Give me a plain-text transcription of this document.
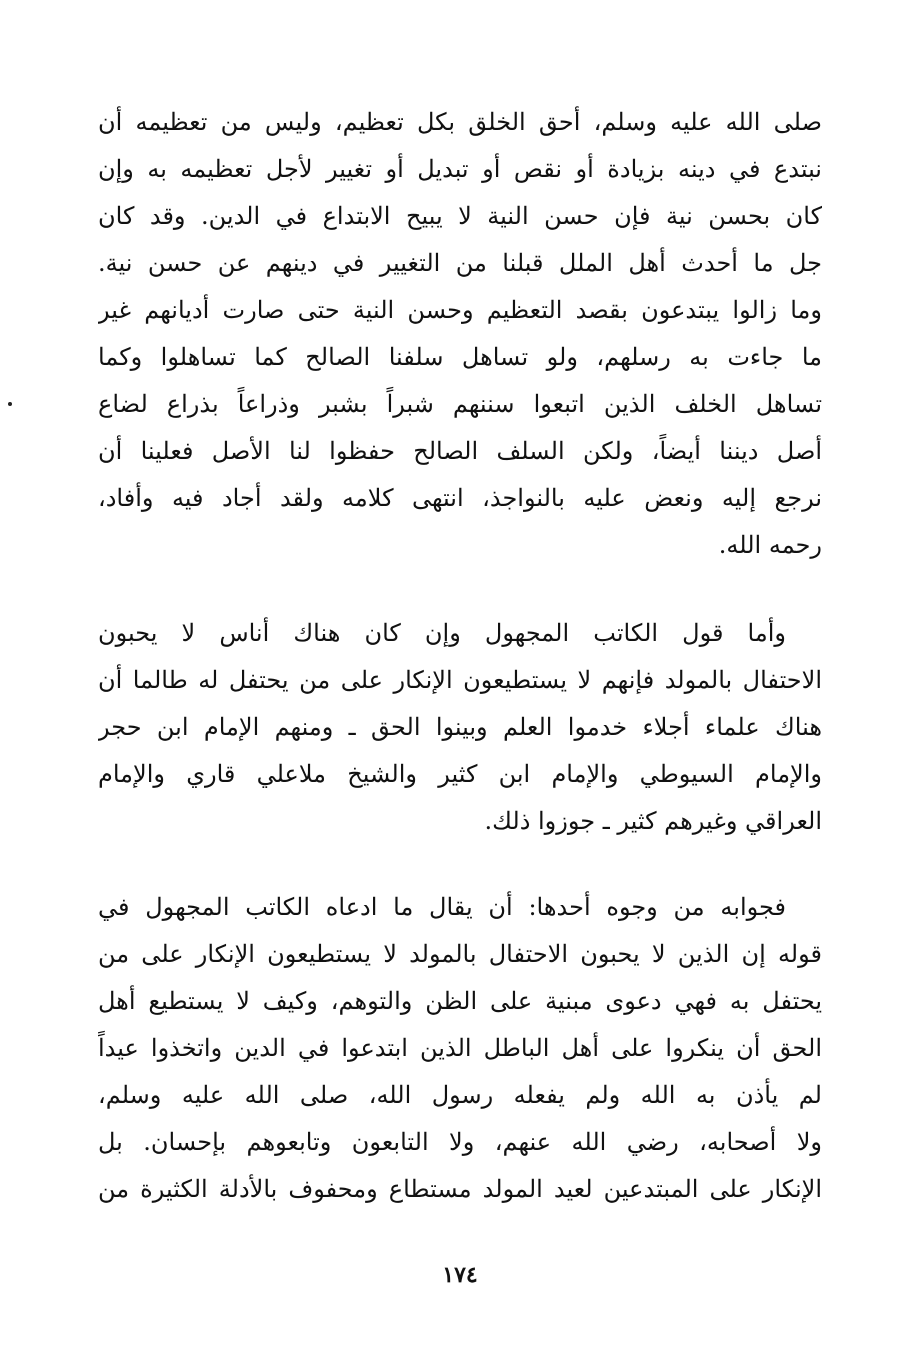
صلى الله عليه وسلم، أحق الخلق بكل تعظيم، وليس من تعظيمه أن
نبتدع في دينه بزيادة أو نقص أو تبديل أو تغيير لأجل تعظيمه به وإن
كان بحسن نية فإن حسن النية لا يبيح الابتداع في الدين. وقد كان
جل ما أحدث أهل الملل قبلنا من التغيير في دينهم عن حسن نية.
وما زالوا يبتدعون بقصد التعظيم وحسن النية حتى صارت أديانهم غير
ما جاءت به رسلهم، ولو تساهل سلفنا الصالح كما تساهلوا وكما
تساهل الخلف الذين اتبعوا سننهم شبراً بشبر وذراعاً بذراع لضاع
أصل ديننا أيضاً، ولكن السلف الصالح حفظوا لنا الأصل فعلينا أن
نرجع إليه ونعض عليه بالنواجذ، انتهى كلامه ولقد أجاد فيه وأفاد،
رحمه الله.
وأما قول الكاتب المجهول وإن كان هناك أناس لا يحبون
الاحتفال بالمولد فإنهم لا يستطيعون الإنكار على من يحتفل له طالما أن
هناك علماء أجلاء خدموا العلم وبينوا الحق ـ ومنهم الإمام ابن حجر
والإمام السيوطي والإمام ابن كثير والشيخ ملاعلي قاري والإمام
العراقي وغيرهم كثير ـ جوزوا ذلك.
فجوابه من وجوه أحدها: أن يقال ما ادعاه الكاتب المجهول في
قوله إن الذين لا يحبون الاحتفال بالمولد لا يستطيعون الإنكار على من
يحتفل به فهي دعوى مبنية على الظن والتوهم، وكيف لا يستطيع أهل
الحق أن ينكروا على أهل الباطل الذين ابتدعوا في الدين واتخذوا عيداً
لم يأذن به الله ولم يفعله رسول الله، صلى الله عليه وسلم،
ولا أصحابه، رضي الله عنهم، ولا التابعون وتابعوهم بإحسان. بل
الإنكار على المبتدعين لعيد المولد مستطاع ومحفوف بالأدلة الكثيرة من
١٧٤
